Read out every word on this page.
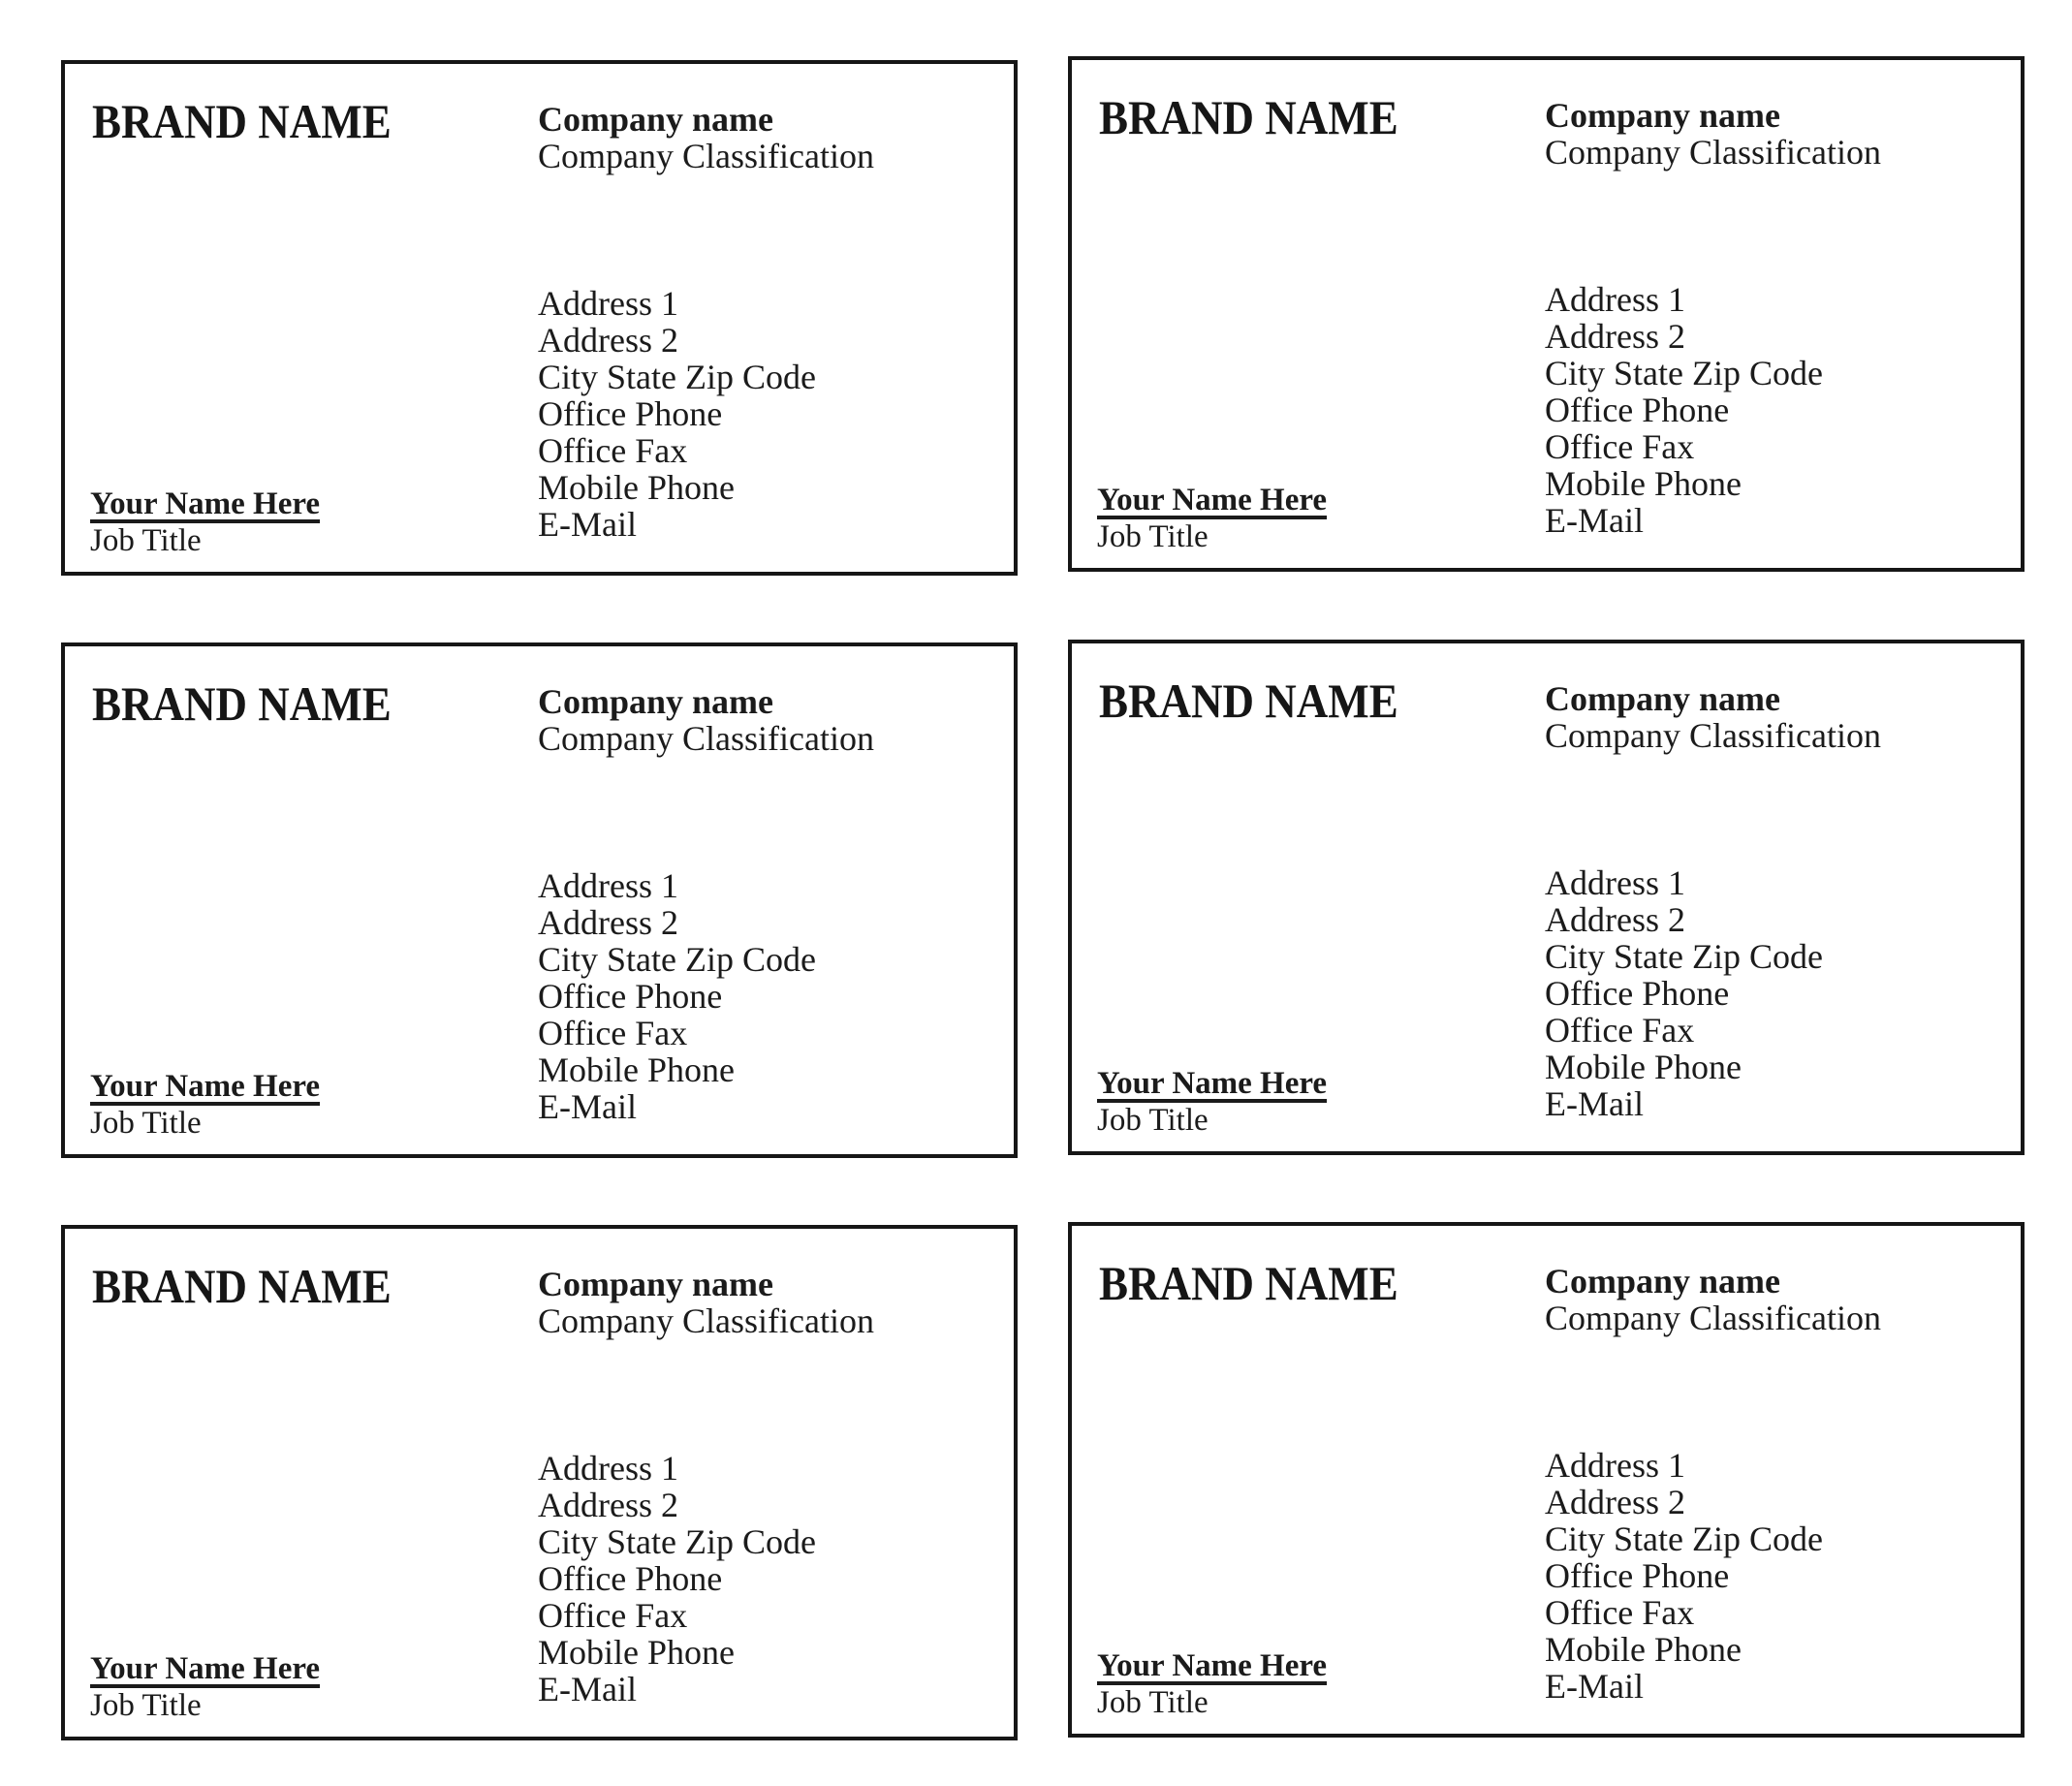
BRAND NAME	Company name
Company Classification
Address 1
Address 2
City State Zip Code
Office Phone
Office Fax
Mobile Phone
E-Mail
Your Name Here
Job Title
BRAND NAME	Company name
Company Classification
Address 1
Address 2
City State Zip Code
Office Phone
Office Fax
Mobile Phone
E-Mail
Your Name Here
Job Title
BRAND NAME	Company name
Company Classification
Address 1
Address 2
City State Zip Code
Office Phone
Office Fax
Mobile Phone
E-Mail
Your Name Here
Job Title
BRAND NAME	Company name
Company Classification
Address 1
Address 2
City State Zip Code
Office Phone
Office Fax
Mobile Phone
E-Mail
Your Name Here
Job Title
BRAND NAME	Company name
Company Classification
Address 1
Address 2
City State Zip Code
Office Phone
Office Fax
Mobile Phone
E-Mail
Your Name Here
Job Title
BRAND NAME	Company name
Company Classification
Address 1
Address 2
City State Zip Code
Office Phone
Office Fax
Mobile Phone
E-Mail
Your Name Here
Job Title
